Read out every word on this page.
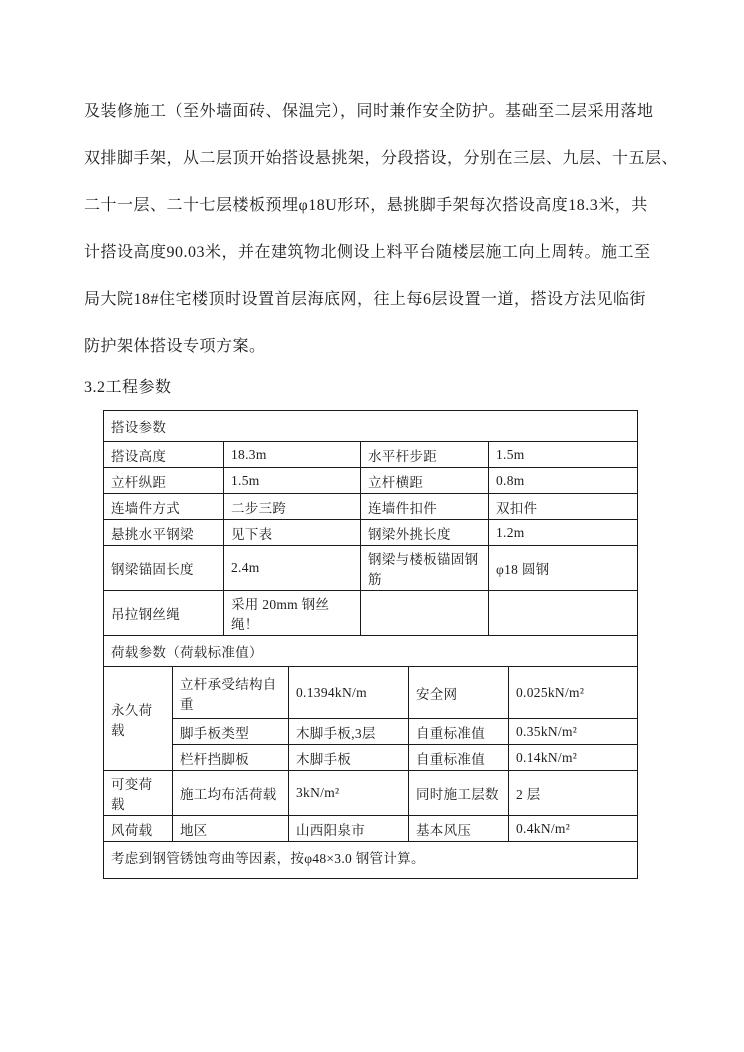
及装修施工（至外墙面砖、保温完），同时兼作安全防护。基础至二层采用落地
双排脚手架，从二层顶开始搭设悬挑架，分段搭设，分别在三层、九层、十五层、
二十一层、二十七层楼板预埋φ18U形环，悬挑脚手架每次搭设高度18.3米，共
计搭设高度90.03米，并在建筑物北侧设上料平台随楼层施工向上周转。施工至
局大院18#住宅楼顶时设置首层海底网，往上每6层设置一道，搭设方法见临街
防护架体搭设专项方案。
3.2工程参数
搭设参数							
搭设高度		18.3m		水平杆步距		1.5m	
立杆纵距		1.5m		立杆横距		0.8m	
连墙件方式		二步三跨		连墙件扣件		双扣件	
悬挑水平钢梁		见下表		钢梁外挑长度		1.2m	
钢梁锚固长度		2.4m		钢梁与楼板锚固钢筋		φ18 圆钢	
吊拉钢丝绳		采用 20mm 钢丝绳！					
荷载参数（荷载标准值）							
永久荷载	立杆承受结构自重		0.1394kN/m		安全网		0.025kN/m²
	脚手板类型		木脚手板,3层		自重标准值		0.35kN/m²
	栏杆挡脚板		木脚手板		自重标准值		0.14kN/m²
可变荷载	施工均布活荷载		3kN/m²		同时施工层数		2 层
风荷载	地区		山西阳泉市		基本风压		0.4kN/m²
考虑到钢管锈蚀弯曲等因素，按φ48×3.0 钢管计算。							
